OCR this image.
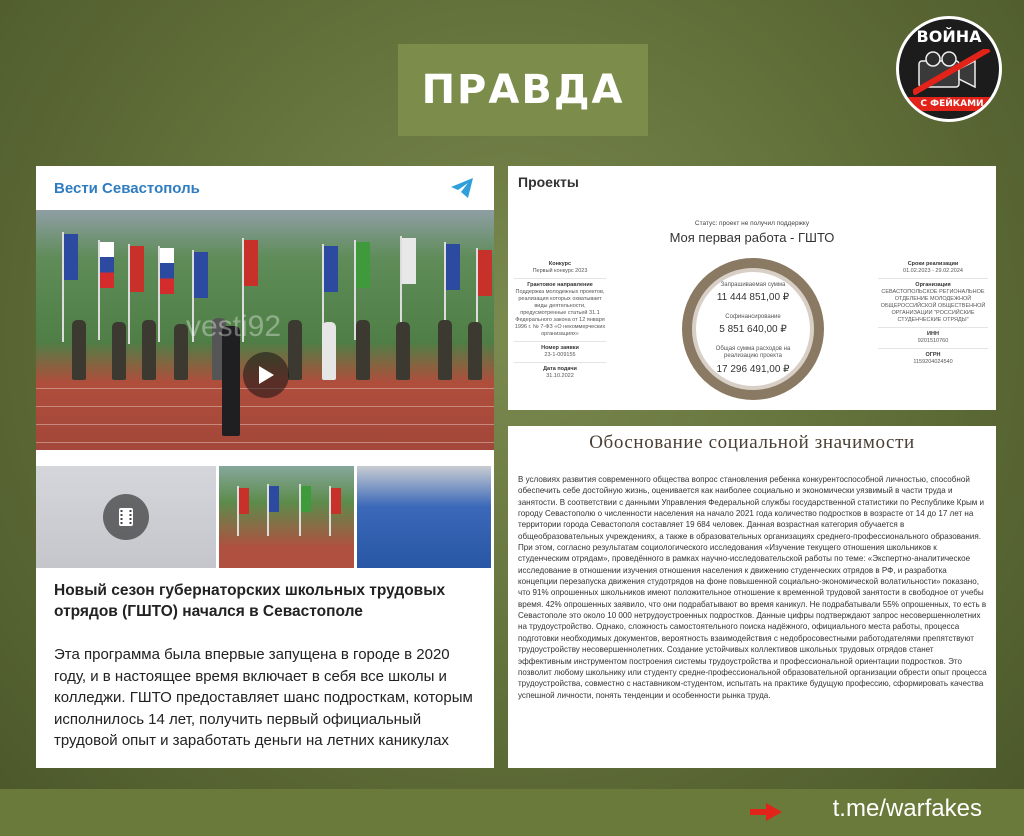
ПРАВДА
ВОЙНА
С ФЕЙКАМИ
Вести Севастополь
vesti92
Новый сезон губернаторских школьных трудовых отрядов (ГШТО) начался в Севастополе
Эта программа была впервые запущена в городе в 2020 году, и в настоящее время включает в себя все школы и колледжи. ГШТО предоставляет шанс подросткам, которым исполнилось 14 лет, получить первый официальный трудовой опыт и заработать деньги на летних каникулах
Проекты
Статус: проект не получил поддержку
Моя первая работа - ГШТО
Конкурс
Первый конкурс 2023
Грантовое направление
Поддержка молодежных проектов, реализация которых охватывает виды деятельности, предусмотренные статьей 31.1 Федерального закона от 12 января 1996 г. № 7-ФЗ «О некоммерческих организациях»
Номер заявки
23-1-009155
Дата подачи
31.10.2022
Запрашиваемая сумма
11 444 851,00 ₽
Софинансирование
5 851 640,00 ₽
Общая сумма расходов на реализацию проекта
17 296 491,00 ₽
Сроки реализации
01.02.2023 - 29.02.2024
Организация
СЕВАСТОПОЛЬСКОЕ РЕГИОНАЛЬНОЕ ОТДЕЛЕНИЕ МОЛОДЕЖНОЙ ОБЩЕРОССИЙСКОЙ ОБЩЕСТВЕННОЙ ОРГАНИЗАЦИИ "РОССИЙСКИЕ СТУДЕНЧЕСКИЕ ОТРЯДЫ"
ИНН
9201510760
ОГРН
1159204024540
Обоснование социальной значимости
В условиях развития современного общества вопрос становления ребенка конкурентоспособной личностью, способной обеспечить себе достойную жизнь, оценивается как наиболее социально и экономически уязвимый в части труда и занятости. В соответствии с данными Управления Федеральной службы государственной статистики по Республике Крым и городу Севастополю о численности населения на начало 2021 года количество подростков в возрасте от 14 до 17 лет на территории города Севастополя составляет 19 684 человек. Данная возрастная категория обучается в общеобразовательных учреждениях, а также в образовательных организациях среднего-профессионального образования. При этом, согласно результатам социологического исследования «Изучение текущего отношения школьников к студенческим отрядам», проведённого в рамках научно-исследовательской работы по теме: «Экспертно-аналитическое исследование в отношении изучения отношения населения к движению студенческих отрядов в РФ, и разработка концепции перезапуска движения студотрядов на фоне повышенной социально-экономической волатильности» показано, что 91% опрошенных школьников имеют положительное отношение к временной трудовой занятости в свободное от учебы время. 42% опрошенных заявило, что они подрабатывают во время каникул. Не подрабатывали 55% опрошенных, то есть в Севастополе это около 10 000 нетрудоустроенных подростков. Данные цифры подтверждают запрос несовершеннолетних на трудоустройство. Однако, сложность самостоятельного поиска надёжного, официального места работы, процесса подготовки необходимых документов, вероятность взаимодействия с недобросовестными работодателями препятствуют трудоустройству несовершеннолетних. Создание устойчивых коллективов школьных трудовых отрядов станет эффективным инструментом построения системы трудоустройства и профессиональной ориентации подростков. Это позволит любому школьнику или студенту средне-профессиональной образовательной организации обрести опыт процесса трудоустройства, совместно с наставником-студентом, испытать на практике будущую профессию, сформировать качества успешной личности, понять тенденции и особенности рынка труда.
t.me/warfakes
